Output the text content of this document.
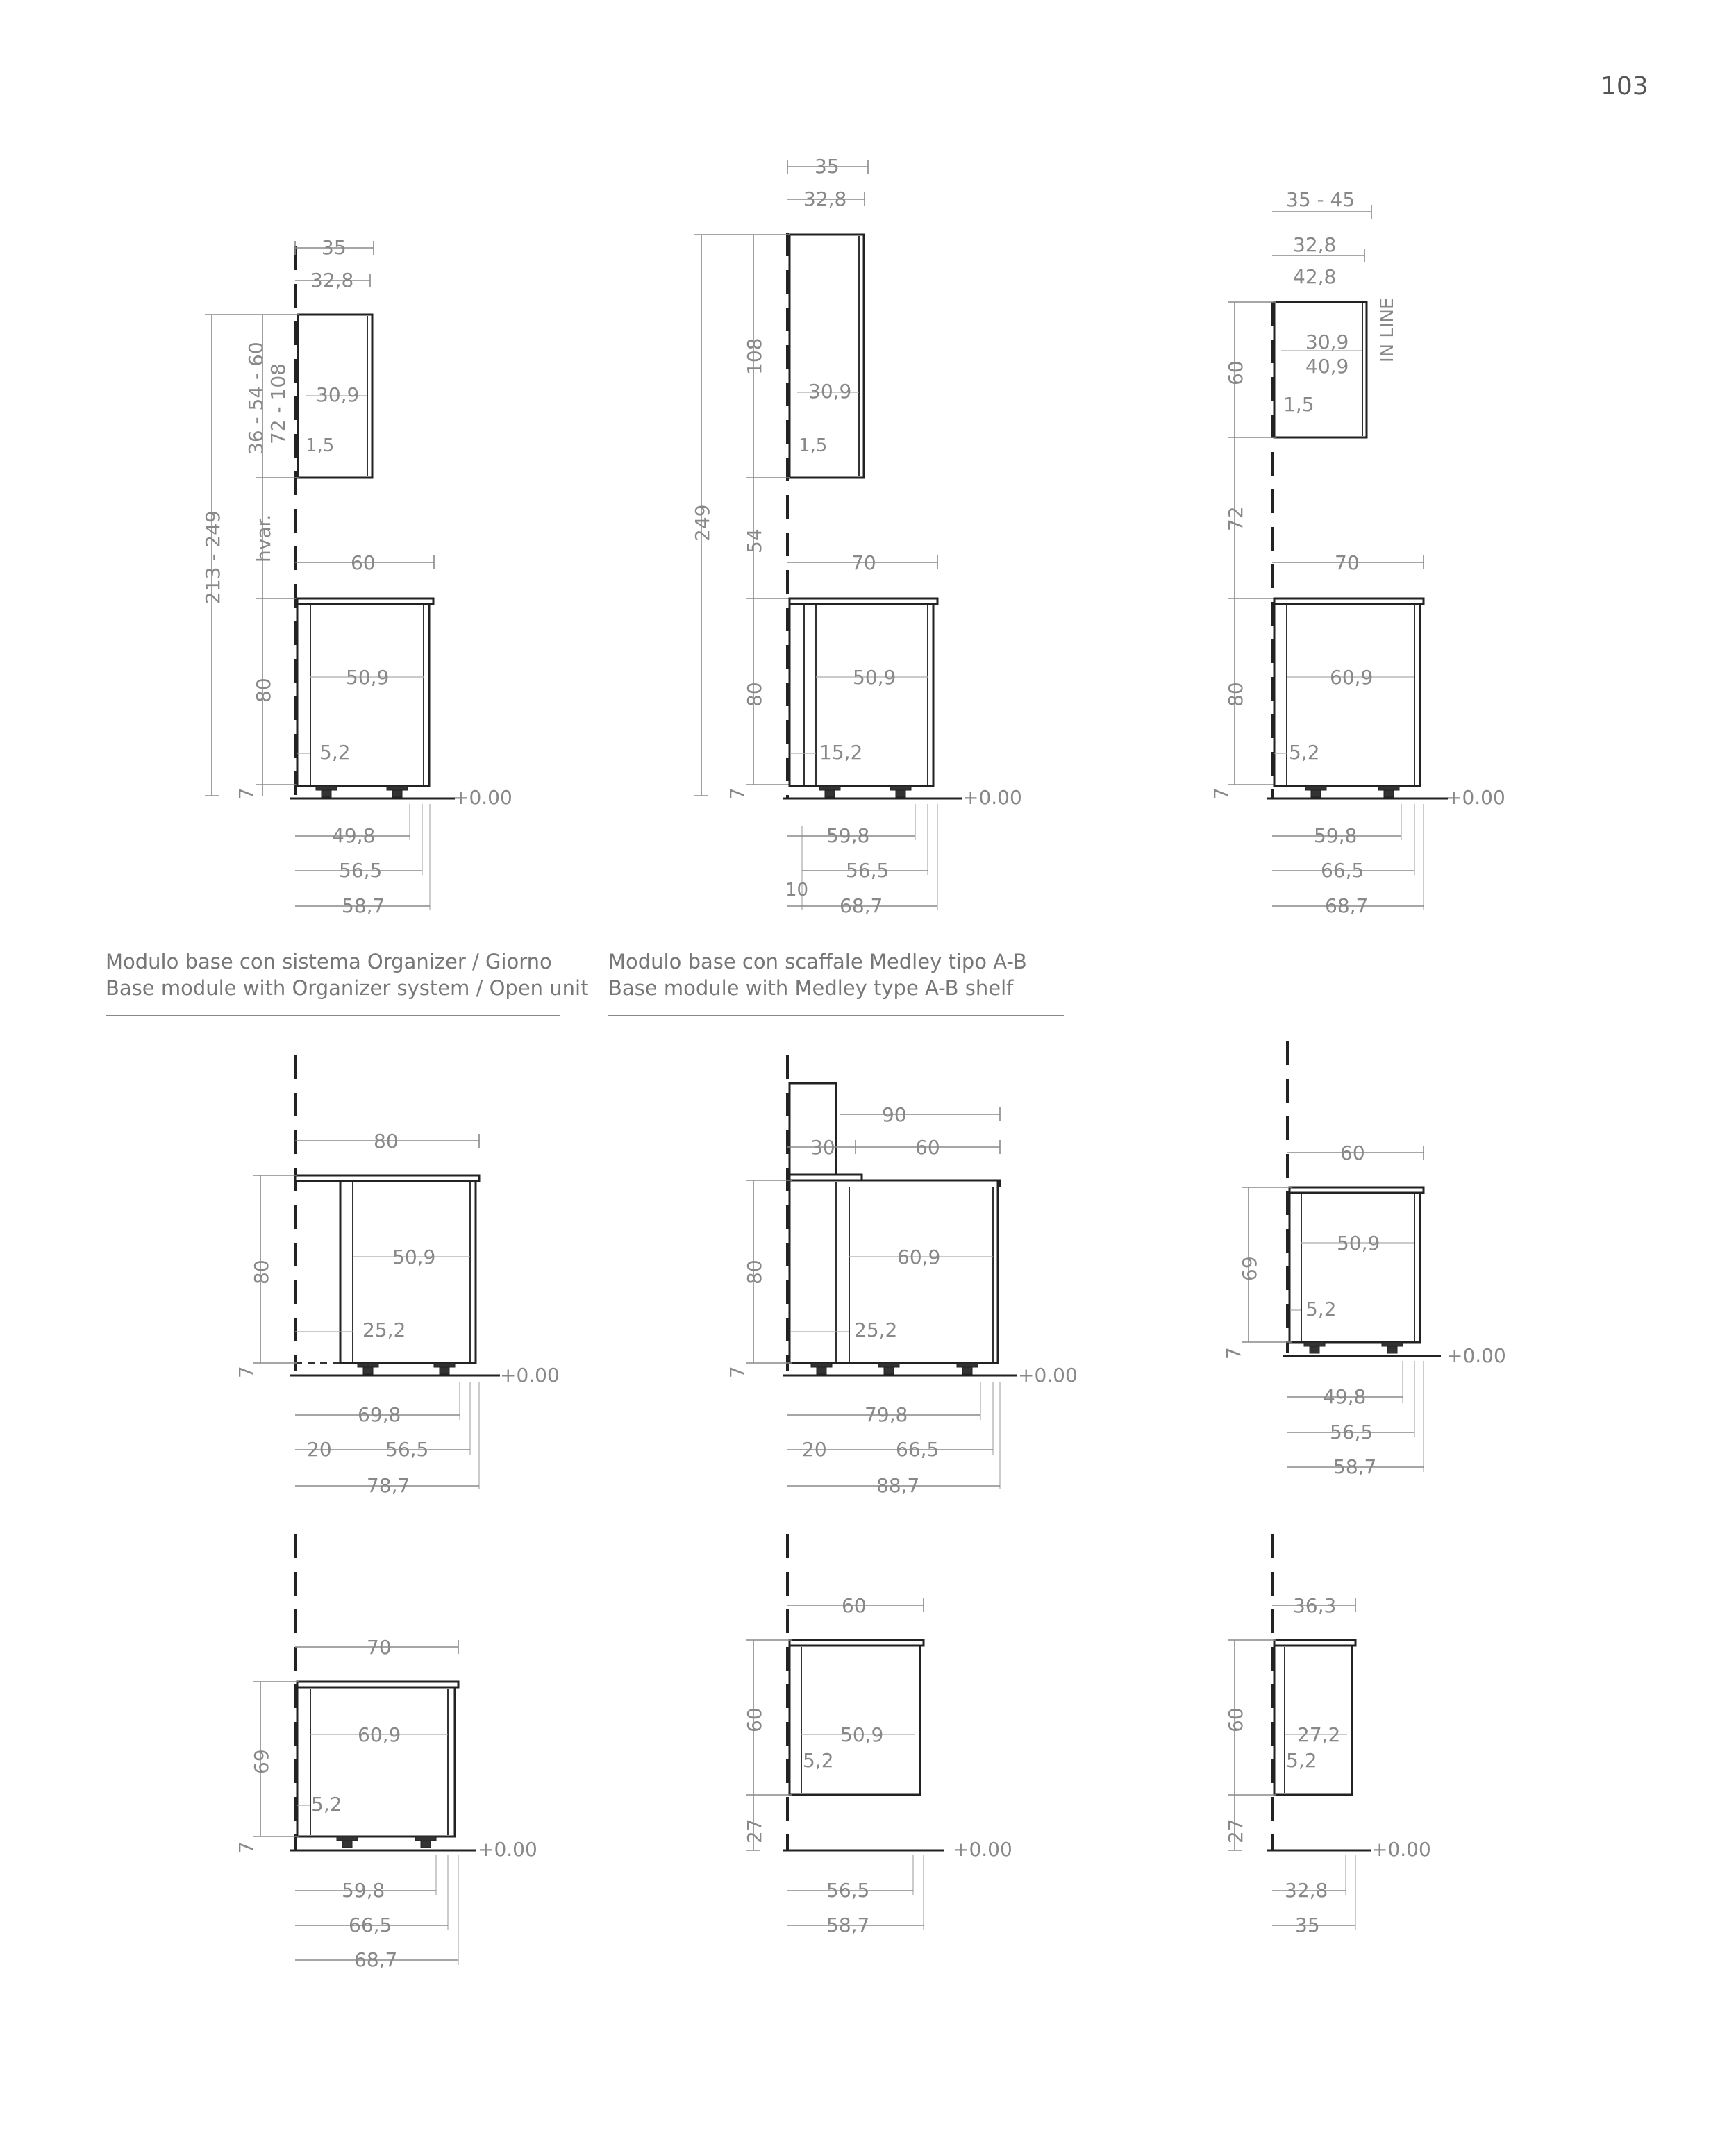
103
Modulo base con sistema Organizer / Giorno
Base module with Organizer system / Open unit
Modulo base con scaffale Medley tipo A-B
Base module with Medley type A-B shelf
35
32,8
30,9
1,5
213 - 249
36 - 54 - 60 72 - 108
hvar.
80
7
60
50,9
5,2
+0.00
49,8
56,5
58,7
35
32,8
30,9
1,5
249
108
54
80
7
70
50,9
15,2
+0.00
59,8
56,5
10
68,7
35 - 45
32,8
42,8
30,9
40,9
IN LINE
60
1,5
72
80
7
70
60,9
5,2
+0.00
59,8
66,5
68,7
80
50,9
25,2
80
7	+0.00
69,8
20	56,5
78,7
90
30	60
60,9
25,2
80
7	+0.00
79,8
20	66,5
88,7
60
50,9
5,2
69
7	+0.00
49,8
56,5
58,7
70
60,9
5,2
69
7	+0.00
59,8
66,5
68,7
60
50,9
5,2
60
27
+0.00
56,5
58,7
36,3
27,2
5,2
60
27
+0.00
32,8
35
